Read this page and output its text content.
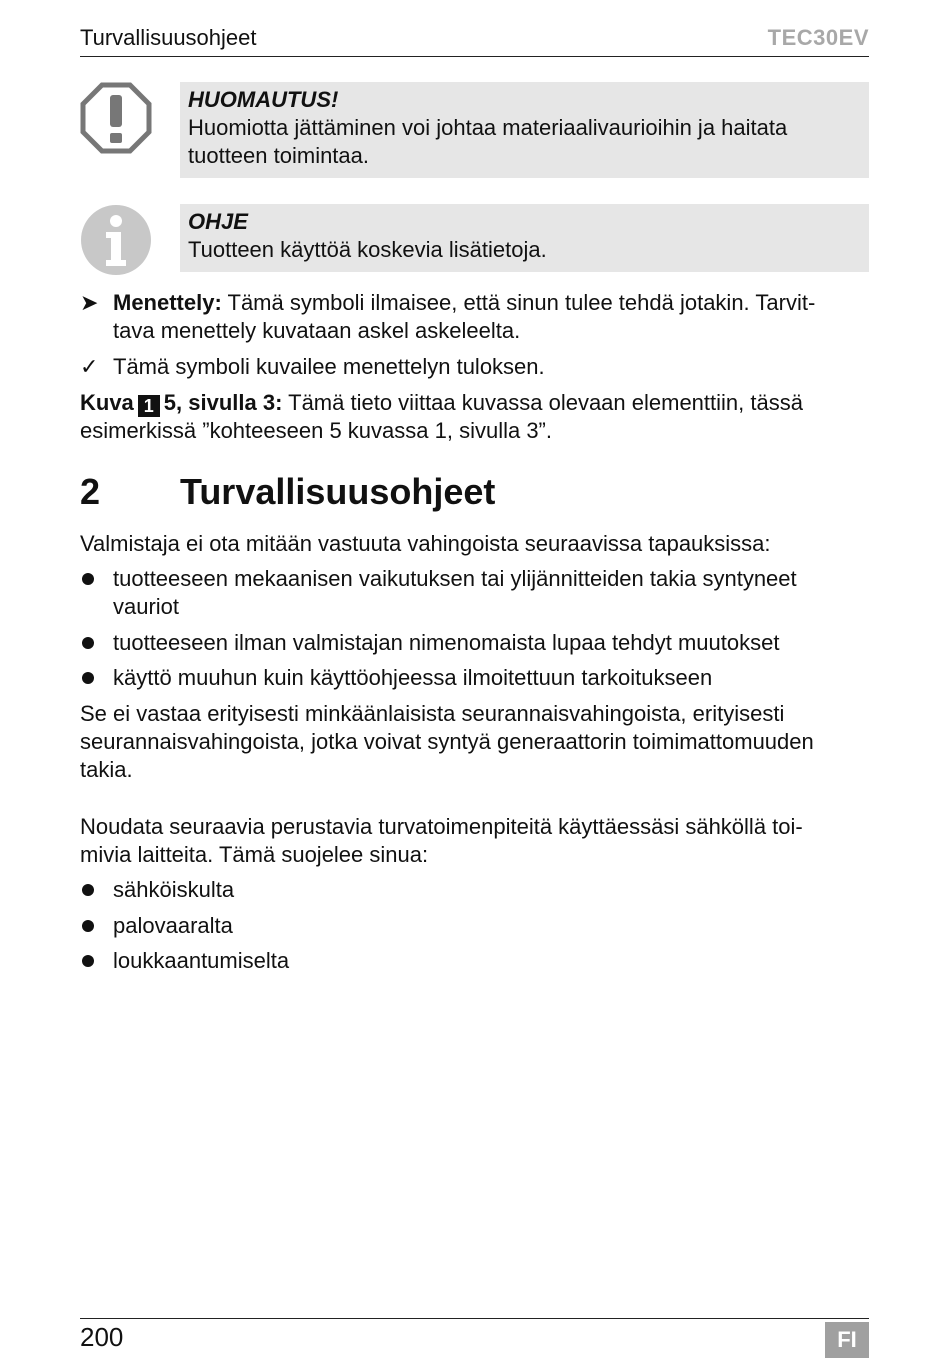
Turvallisuusohjeet	TEC30EV
HUOMAUTUS!
Huomiotta jättäminen voi johtaa materiaalivaurioihin ja haitata
tuotteen toimintaa.
OHJE
Tuotteen käyttöä koskevia lisätietoja.
➤ Menettely: Tämä symboli ilmaisee, että sinun tulee tehdä jotakin. Tarvit-
tava menettely kuvataan askel askeleelta.
✓ Tämä symboli kuvailee menettelyn tuloksen.
Kuva 1 5, sivulla 3: Tämä tieto viittaa kuvassa olevaan elementtiin, tässä
esimerkissä ”kohteeseen 5 kuvassa 1, sivulla 3”.
2 Turvallisuusohjeet
Valmistaja ei ota mitään vastuuta vahingoista seuraavissa tapauksissa:
tuotteeseen mekaanisen vaikutuksen tai ylijännitteiden takia syntyneet
vauriot
tuotteeseen ilman valmistajan nimenomaista lupaa tehdyt muutokset
käyttö muuhun kuin käyttöohjeessa ilmoitettuun tarkoitukseen
Se ei vastaa erityisesti minkäänlaisista seurannaisvahingoista, erityisesti
seurannaisvahingoista, jotka voivat syntyä generaattorin toimimattomuuden
takia.
Noudata seuraavia perustavia turvatoimenpiteitä käyttäessäsi sähköllä toi-
mivia laitteita. Tämä suojelee sinua:
sähköiskulta
palovaaralta
loukkaantumiselta
200	FI
